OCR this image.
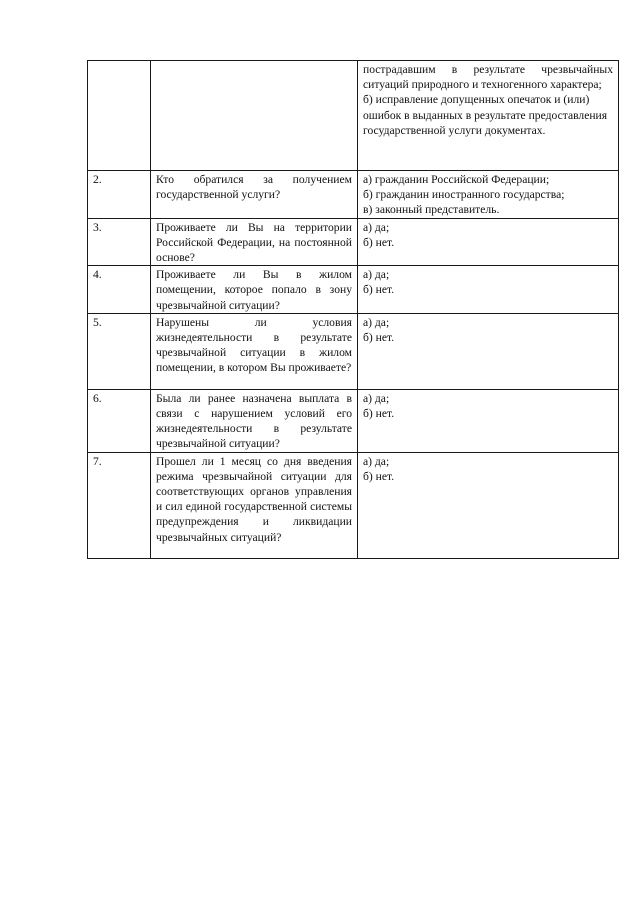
		пострадавшим в результате чрезвычайных ситуаций природного и техногенного характера;
б) исправление допущенных опечаток и (или) ошибок в выданных в результате предоставления государственной услуги документах.

2.	Кто обратился за получением государственной услуги?	а) гражданин Российской Федерации;
б) гражданин иностранного государства;
в) законный представитель.

3.	Проживаете ли Вы на территории Российской Федерации, на постоянной основе?	а) да;
б) нет.

4.	Проживаете ли Вы в жилом помещении, которое попало в зону чрезвычайной ситуации?	а) да;
б) нет.

5.	Нарушены ли условия жизнедеятельности в результате чрезвычайной ситуации в жилом помещении, в котором Вы проживаете?	а) да;
б) нет.

6.	Была ли ранее назначена выплата в связи с нарушением условий его жизнедеятельности в результате чрезвычайной ситуации?	а) да;
б) нет.

7.	Прошел ли 1 месяц со дня введения режима чрезвычайной ситуации для соответствующих органов управления и сил единой государственной системы предупреждения и ликвидации чрезвычайных ситуаций?	а) да;
б) нет.
